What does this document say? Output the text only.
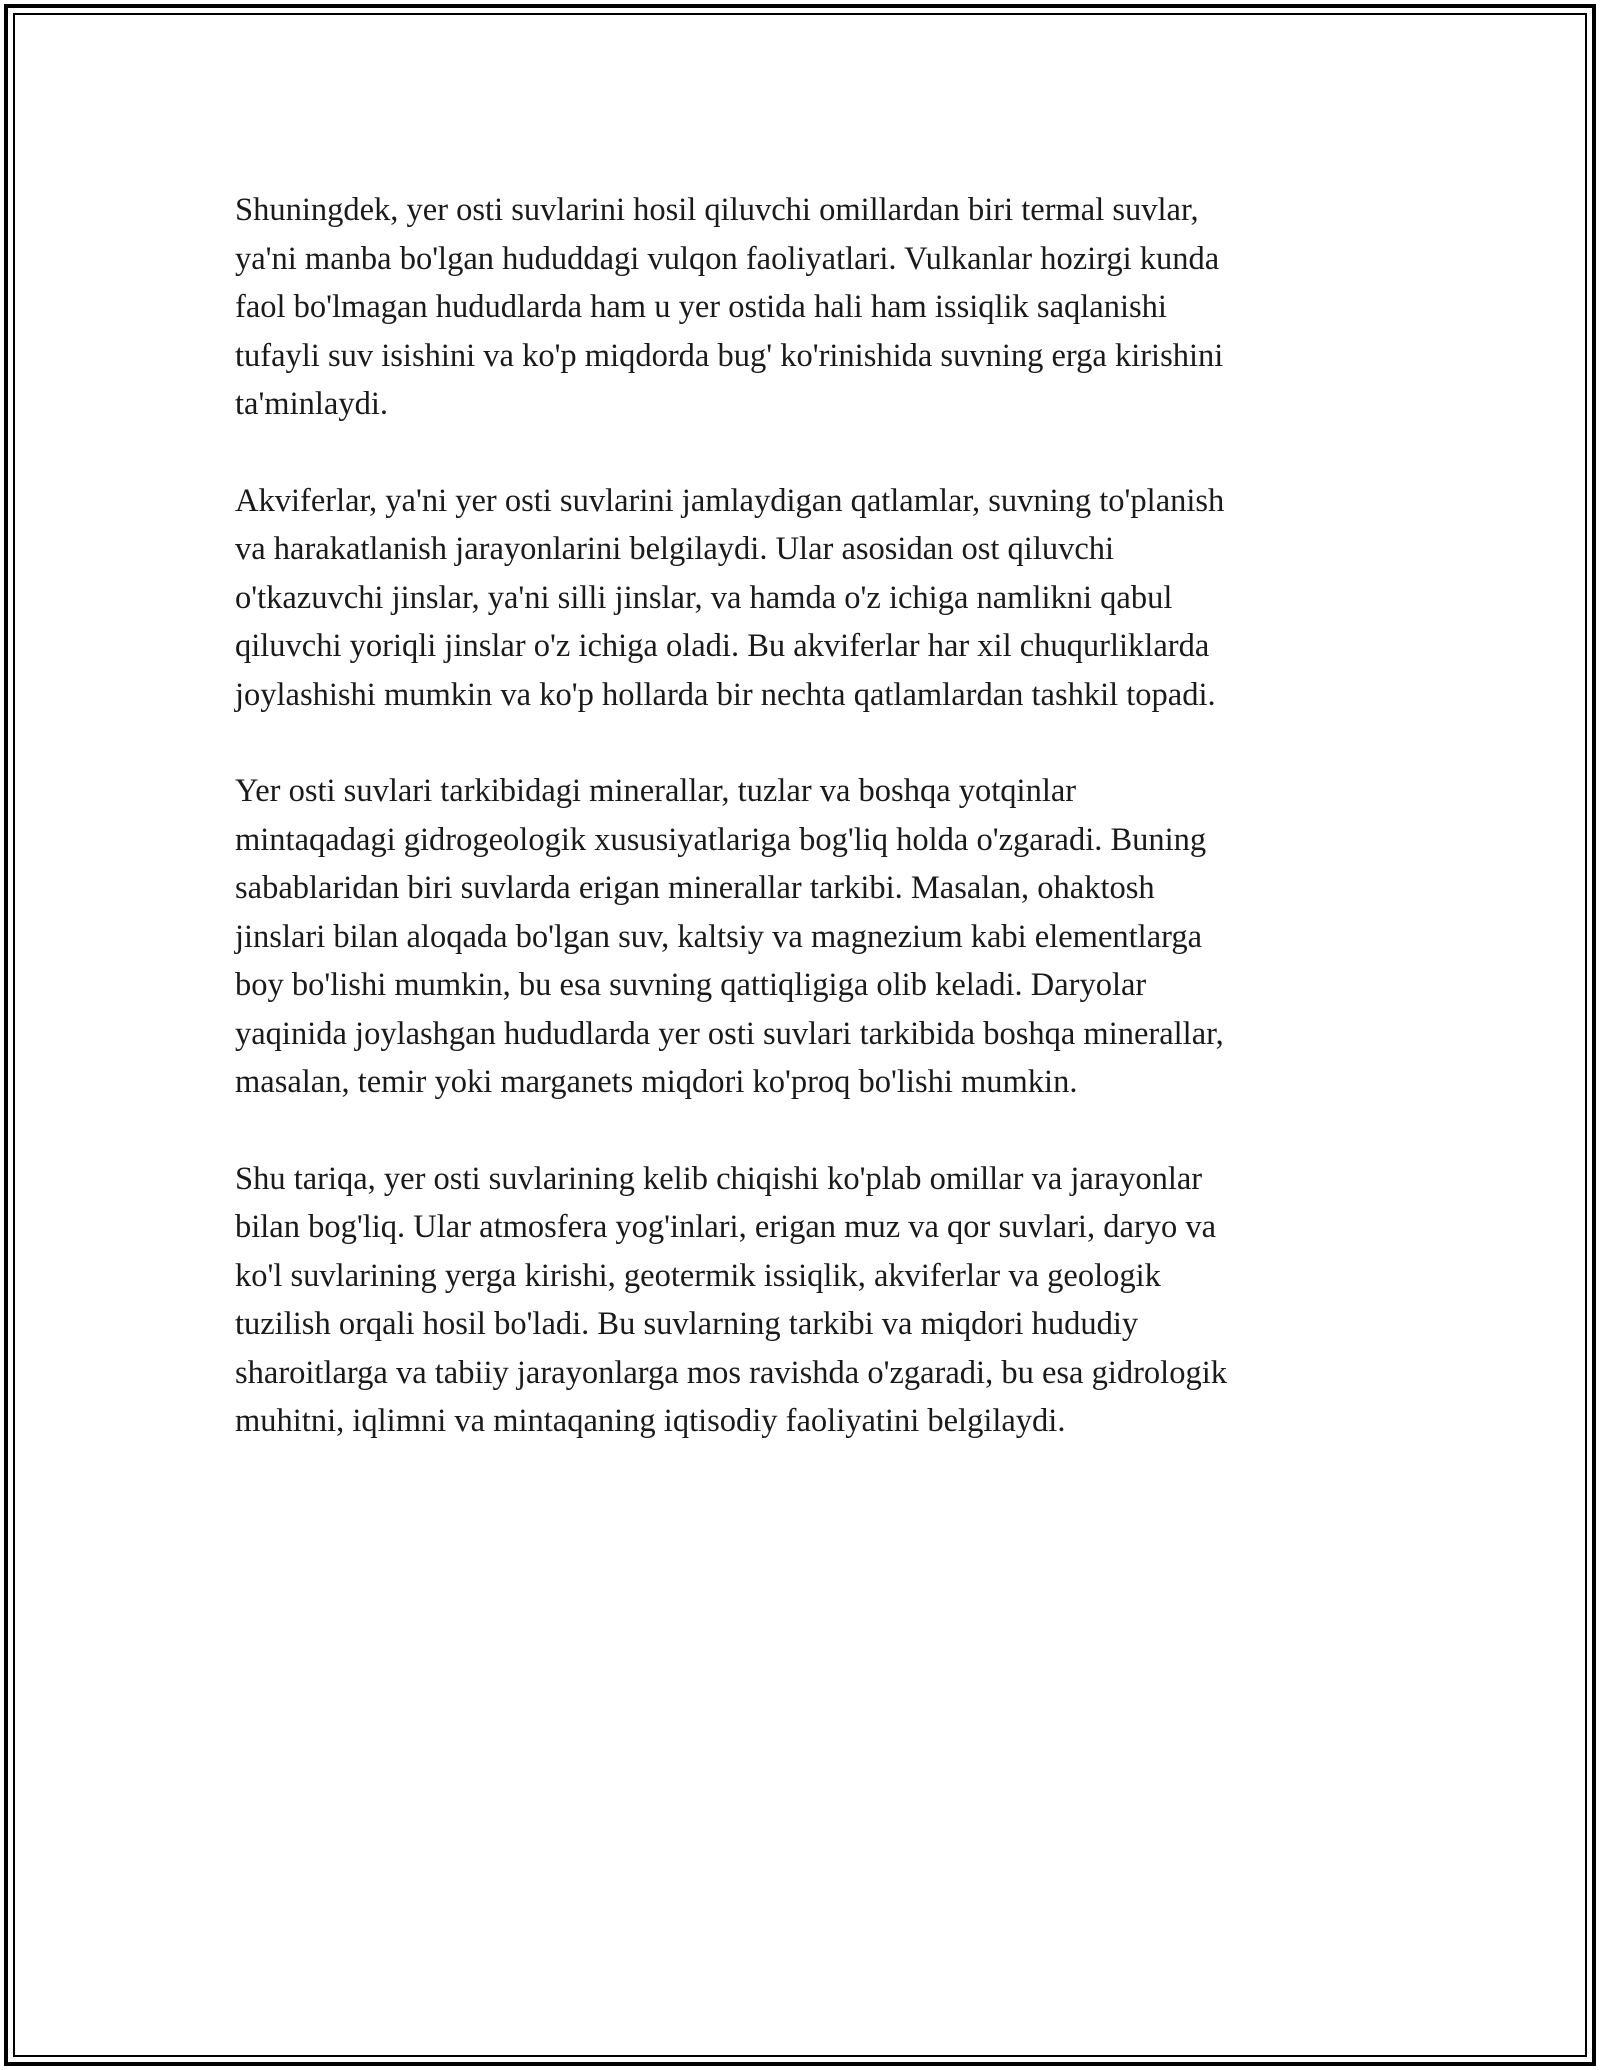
Shuningdek, yer osti suvlarini hosil qiluvchi omillardan biri termal suvlar,
ya'ni manba bo'lgan hududdagi vulqon faoliyatlari. Vulkanlar hozirgi kunda
faol bo'lmagan hududlarda ham u yer ostida hali ham issiqlik saqlanishi
tufayli suv isishini va ko'p miqdorda bug' ko'rinishida suvning erga kirishini
ta'minlaydi.

Akviferlar, ya'ni yer osti suvlarini jamlaydigan qatlamlar, suvning to'planish
va harakatlanish jarayonlarini belgilaydi. Ular asosidan ost qiluvchi
o'tkazuvchi jinslar, ya'ni silli jinslar, va hamda o'z ichiga namlikni qabul
qiluvchi yoriqli jinslar o'z ichiga oladi. Bu akviferlar har xil chuqurliklarda
joylashishi mumkin va ko'p hollarda bir nechta qatlamlardan tashkil topadi.

Yer osti suvlari tarkibidagi minerallar, tuzlar va boshqa yotqinlar
mintaqadagi gidrogeologik xususiyatlariga bog'liq holda o'zgaradi. Buning
sabablaridan biri suvlarda erigan minerallar tarkibi. Masalan, ohaktosh
jinslari bilan aloqada bo'lgan suv, kaltsiy va magnezium kabi elementlarga
boy bo'lishi mumkin, bu esa suvning qattiqligiga olib keladi. Daryolar
yaqinida joylashgan hududlarda yer osti suvlari tarkibida boshqa minerallar,
masalan, temir yoki marganets miqdori ko'proq bo'lishi mumkin.

Shu tariqa, yer osti suvlarining kelib chiqishi ko'plab omillar va jarayonlar
bilan bog'liq. Ular atmosfera yog'inlari, erigan muz va qor suvlari, daryo va
ko'l suvlarining yerga kirishi, geotermik issiqlik, akviferlar va geologik
tuzilish orqali hosil bo'ladi. Bu suvlarning tarkibi va miqdori hududiy
sharoitlarga va tabiiy jarayonlarga mos ravishda o'zgaradi, bu esa gidrologik
muhitni, iqlimni va mintaqaning iqtisodiy faoliyatini belgilaydi.
